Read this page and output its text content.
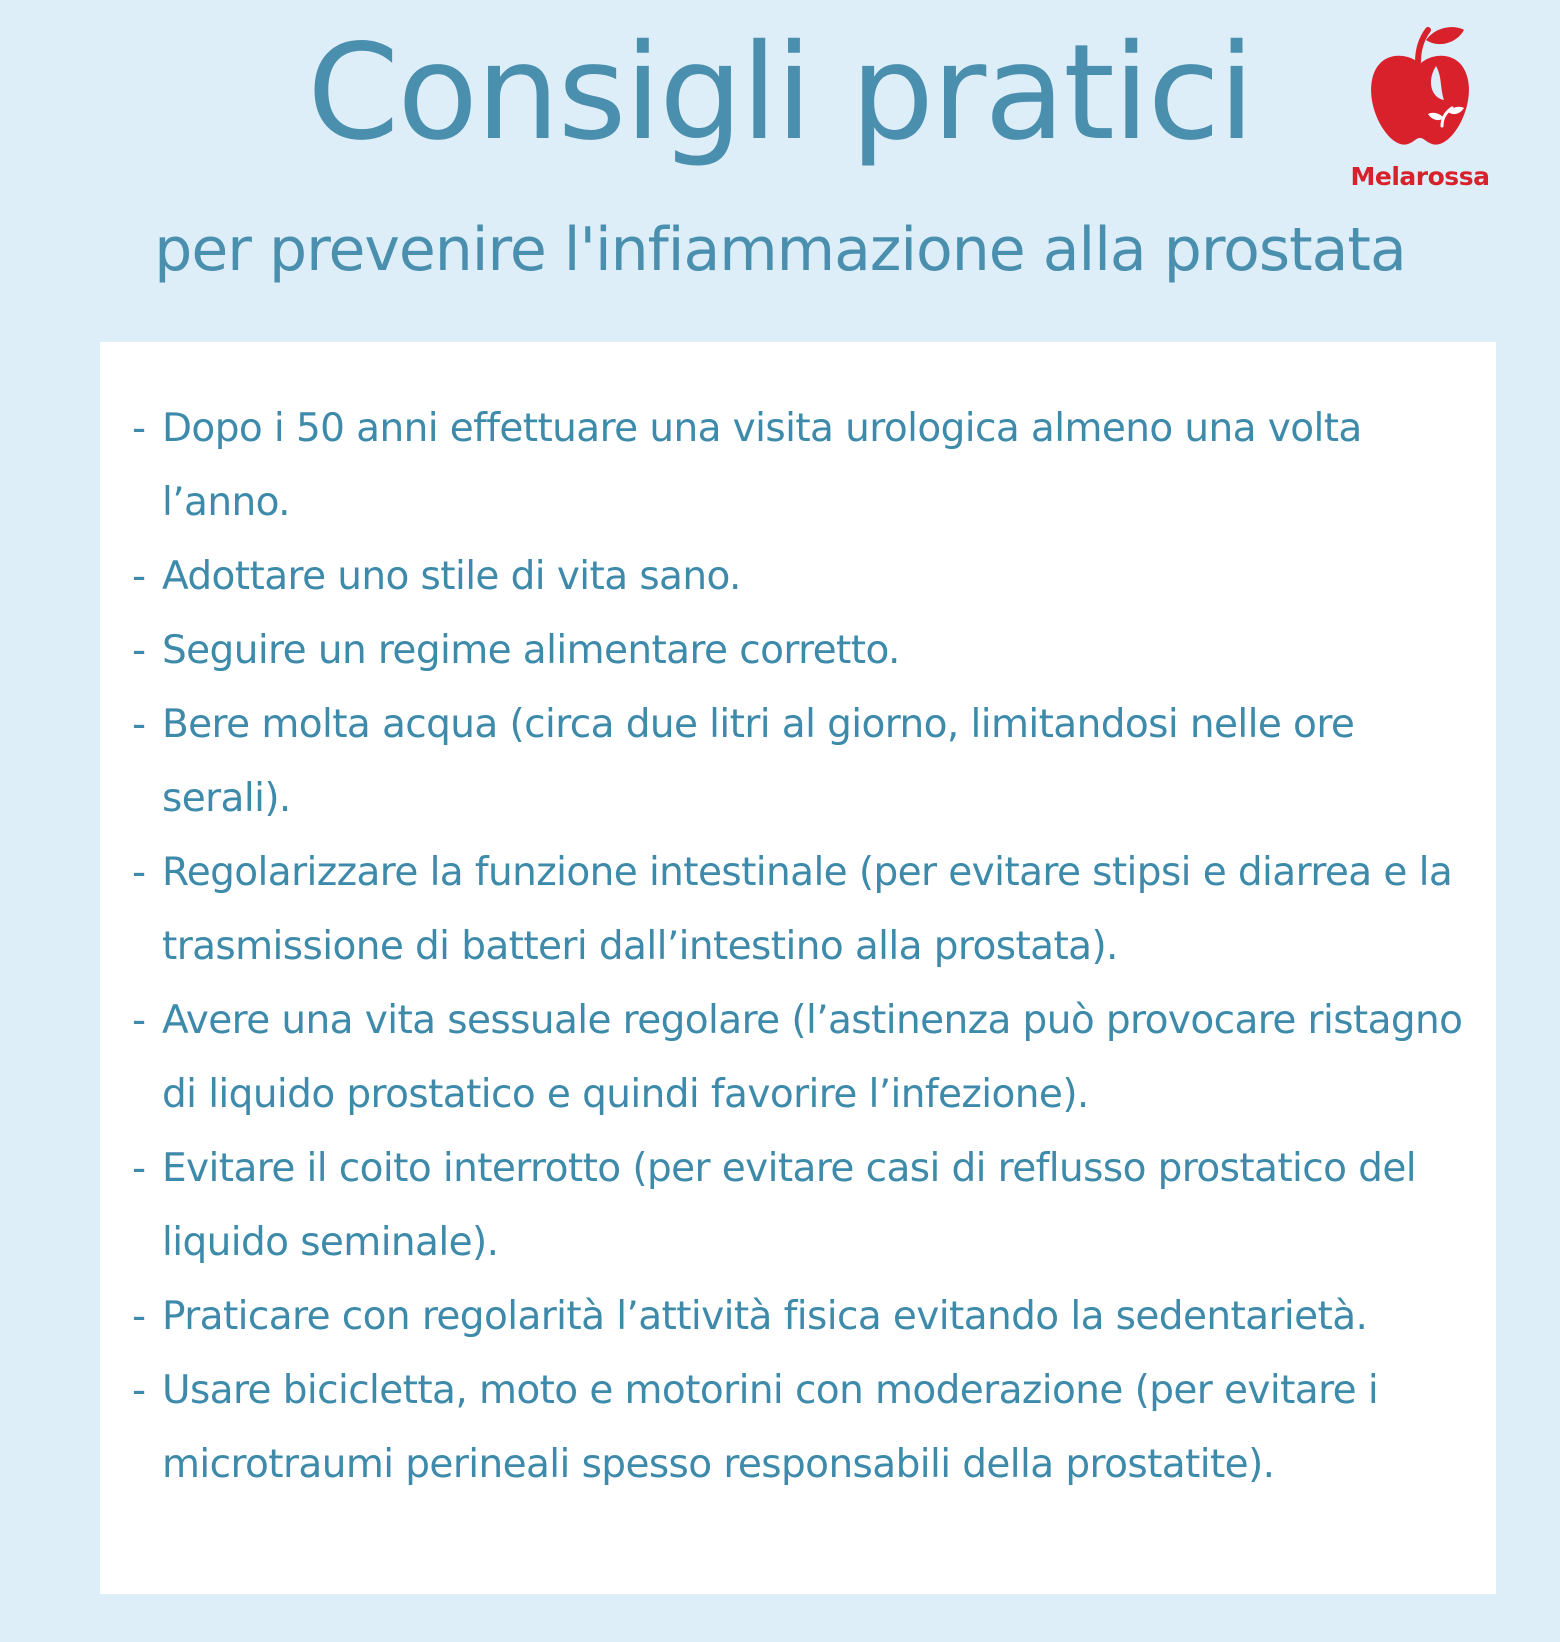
Consigli pratici
Melarossa
per prevenire l'infiammazione alla prostata
- Dopo i 50 anni effettuare una visita urologica almeno una volta l’anno.
- Adottare uno stile di vita sano.
- Seguire un regime alimentare corretto.
- Bere molta acqua (circa due litri al giorno, limitandosi nelle ore serali).
- Regolarizzare la funzione intestinale (per evitare stipsi e diarrea e la trasmissione di batteri dall’intestino alla prostata).
- Avere una vita sessuale regolare (l’astinenza può provocare ristagno di liquido prostatico e quindi favorire l’infezione).
- Evitare il coito interrotto (per evitare casi di reflusso prostatico del liquido seminale).
- Praticare con regolarità l’attività fisica evitando la sedentarietà.
- Usare bicicletta, moto e motorini con moderazione (per evitare i microtraumi perineali spesso responsabili della prostatite).
